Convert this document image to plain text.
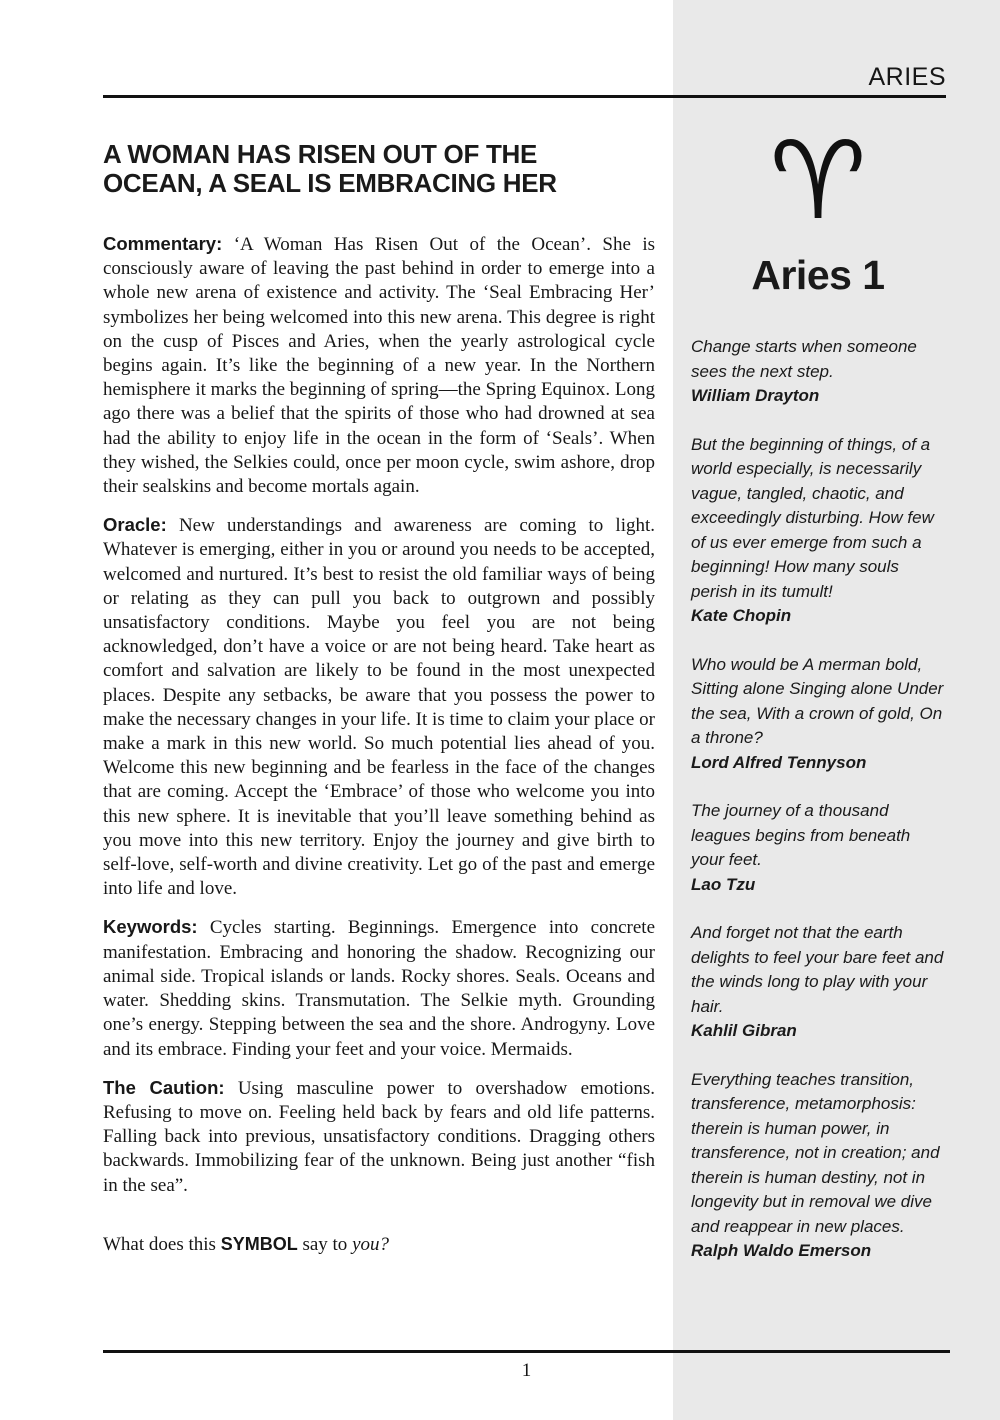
ARIES
A WOMAN HAS RISEN OUT OF THE
OCEAN, A SEAL IS EMBRACING HER

Commentary: ‘A Woman Has Risen Out of the Ocean’. She is consciously aware of leaving the past behind in order to emerge into a whole new arena of existence and activity. The ‘Seal Embracing Her’ symbolizes her being welcomed into this new arena. This degree is right on the cusp of Pisces and Aries, when the yearly astrological cycle begins again. It’s like the beginning of a new year. In the Northern hemisphere it marks the beginning of spring—the Spring Equinox. Long ago there was a belief that the spirits of those who had drowned at sea had the ability to enjoy life in the ocean in the form of ‘Seals’. When they wished, the Selkies could, once per moon cycle, swim ashore, drop their sealskins and become mortals again.

Oracle: New understandings and awareness are coming to light. Whatever is emerging, either in you or around you needs to be accepted, welcomed and nurtured. It’s best to resist the old familiar ways of being or relating as they can pull you back to outgrown and possibly unsatisfactory conditions. Maybe you feel you are not being acknowledged, don’t have a voice or are not being heard. Take heart as comfort and salvation are likely to be found in the most unexpected places. Despite any setbacks, be aware that you possess the power to make the necessary changes in your life. It is time to claim your place or make a mark in this new world. So much potential lies ahead of you. Welcome this new beginning and be fearless in the face of the changes that are coming. Accept the ‘Embrace’ of those who welcome you into this new sphere. It is inevitable that you’ll leave something behind as you move into this new territory. Enjoy the journey and give birth to self-love, self-worth and divine creativity. Let go of the past and emerge into life and love.

Keywords: Cycles starting. Beginnings. Emergence into concrete manifestation. Embracing and honoring the shadow. Recognizing our animal side. Tropical islands or lands. Rocky shores. Seals. Oceans and water. Shedding skins. Transmutation. The Selkie myth. Grounding one’s energy. Stepping between the sea and the shore. Androgyny. Love and its embrace. Finding your feet and your voice. Mermaids.

The Caution: Using masculine power to overshadow emotions. Refusing to move on. Feeling held back by fears and old life patterns. Falling back into previous, unsatisfactory conditions. Dragging others backwards. Immobilizing fear of the unknown. Being just another “fish in the sea”.

What does this SYMBOL say to you?

♈
Aries 1
Change starts when someone sees the next step.
William Drayton
But the beginning of things, of a world especially, is necessarily vague, tangled, chaotic, and exceedingly disturbing. How few of us ever emerge from such a beginning! How many souls perish in its tumult!
Kate Chopin
Who would be A merman bold, Sitting alone Singing alone Under the sea, With a crown of gold, On a throne?
Lord Alfred Tennyson
The journey of a thousand leagues begins from beneath your feet.
Lao Tzu
And forget not that the earth delights to feel your bare feet and the winds long to play with your hair.
Kahlil Gibran
Everything teaches transition, transference, metamorphosis: therein is human power, in transference, not in creation; and therein is human destiny, not in longevity but in removal we dive and reappear in new places.
Ralph Waldo Emerson
1
